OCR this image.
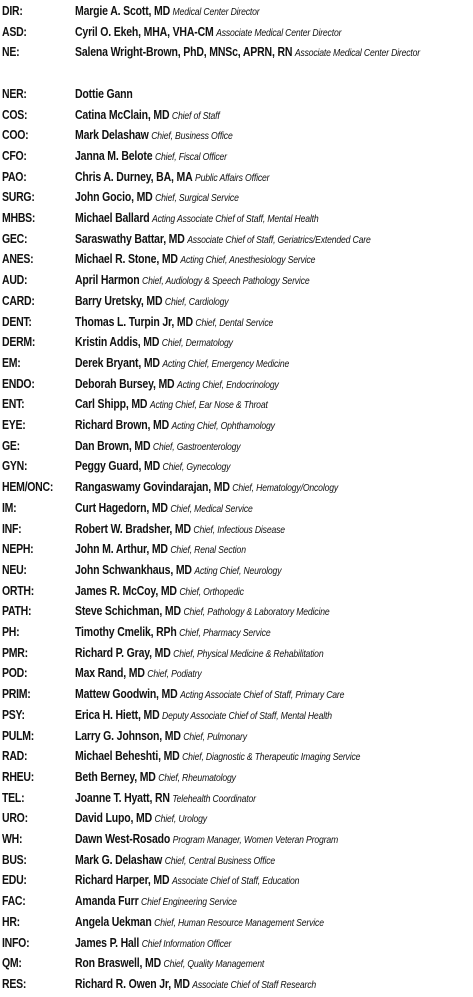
DIR:	Margie A. Scott, MD Medical Center Director
ASD:	Cyril O. Ekeh, MHA, VHA-CM Associate Medical Center Director
NE:	Salena Wright-Brown, PhD, MNSc, APRN, RN Associate Medical Center Director
NER:	Dottie Gann
COS:	Catina McClain, MD Chief of Staff
COO:	Mark Delashaw Chief, Business Office
CFO:	Janna M. Belote Chief, Fiscal Officer
PAO:	Chris A. Durney, BA, MA Public Affairs Officer
SURG:	John Gocio, MD Chief, Surgical Service
MHBS:	Michael Ballard Acting Associate Chief of Staff, Mental Health
GEC:	Saraswathy Battar, MD Associate Chief of Staff, Geriatrics/Extended Care
ANES:	Michael R. Stone, MD Acting Chief, Anesthesiology Service
AUD:	April Harmon Chief, Audiology & Speech Pathology Service
CARD:	Barry Uretsky, MD Chief, Cardiology
DENT:	Thomas L. Turpin Jr, MD Chief, Dental Service
DERM:	Kristin Addis, MD Chief, Dermatology
EM:	Derek Bryant, MD Acting Chief, Emergency Medicine
ENDO:	Deborah Bursey, MD Acting Chief, Endocrinology
ENT:	Carl Shipp, MD Acting Chief, Ear Nose & Throat
EYE:	Richard Brown, MD Acting Chief, Ophthamology
GE:	Dan Brown, MD Chief, Gastroenterology
GYN:	Peggy Guard, MD Chief, Gynecology
HEM/ONC:	Rangaswamy Govindarajan, MD Chief, Hematology/Oncology
IM:	Curt Hagedorn, MD Chief, Medical Service
INF:	Robert W. Bradsher, MD Chief, Infectious Disease
NEPH:	John M. Arthur, MD Chief, Renal Section
NEU:	John Schwankhaus, MD Acting Chief, Neurology
ORTH:	James R. McCoy, MD Chief, Orthopedic
PATH:	Steve Schichman, MD Chief, Pathology & Laboratory Medicine
PH:	Timothy Cmelik, RPh Chief, Pharmacy Service
PMR:	Richard P. Gray, MD Chief, Physical Medicine & Rehabilitation
POD:	Max Rand, MD Chief, Podiatry
PRIM:	Mattew Goodwin, MD Acting Associate Chief of Staff, Primary Care
PSY:	Erica H. Hiett, MD Deputy Associate Chief of Staff, Mental Health
PULM:	Larry G. Johnson, MD Chief, Pulmonary
RAD:	Michael Beheshti, MD Chief, Diagnostic & Therapeutic Imaging Service
RHEU:	Beth Berney, MD Chief, Rheumatology
TEL:	Joanne T. Hyatt, RN Telehealth Coordinator
URO:	David Lupo, MD Chief, Urology
WH:	Dawn West-Rosado Program Manager, Women Veteran Program
BUS:	Mark G. Delashaw Chief, Central Business Office
EDU:	Richard Harper, MD Associate Chief of Staff, Education
FAC:	Amanda Furr Chief Engineering Service
HR:	Angela Uekman Chief, Human Resource Management Service
INFO:	James P. Hall Chief Information Officer
QM:	Ron Braswell, MD Chief, Quality Management
RES:	Richard R. Owen Jr, MD Associate Chief of Staff Research
